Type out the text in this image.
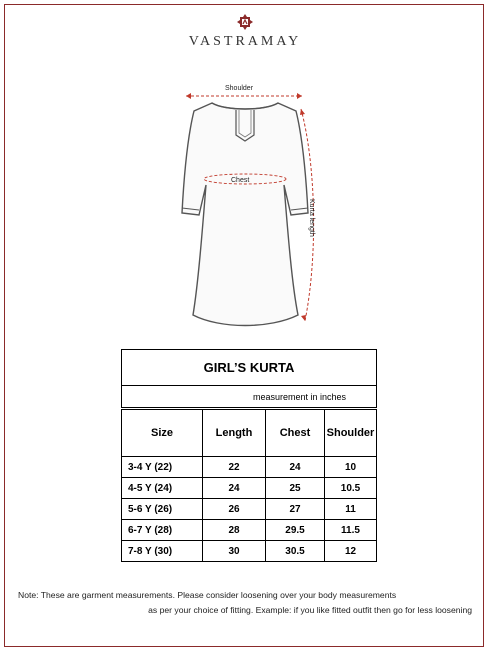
VASTRAMAY
Shoulder
Chest
Kurta length
GIRL’S KURTA			
measurement in inches			
Size	Length	Chest	Shoulder
3-4 Y (22)	22	24	10
4-5 Y (24)	24	25	10.5
5-6 Y (26)	26	27	11
6-7 Y (28)	28	29.5	11.5
7-8 Y (30)	30	30.5	12
Note: These are garment measurements. Please consider loosening over your body measurements
as per your choice of fitting. Example: if you like fitted outfit then go for less loosening
